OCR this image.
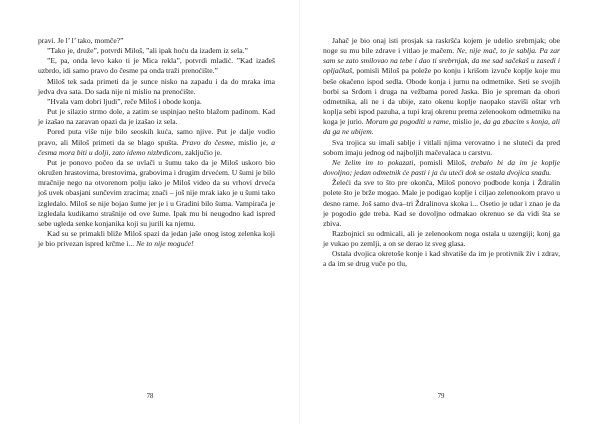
pravi. Je l’ l’ tako, momče?”

”Tako je, druže”, potvrdi Miloš, ”ali ipak hoću da izađem iz sela.”

”E, pa, onda levo kako ti je Mica rekla”, potvrdi mladić. ”Kad izađeš uzbrdo, idi samo pravo do česme pa onda traži prenoćište.”

Miloš tek sada primeti da je sunce nisko na zapadu i da do mraka ima jedva dva sata. Do sada nije ni mislio na prenoćište.

”Hvala vam dobri ljudi”, reče Miloš i obode konja.

Put je silazio strmo dole, a zatim se uspinjao nešto blažom padinom. Kad je izašao na zaravan opazi da je izašao iz sela.

Pored puta više nije bilo seoskih kuća, samo njive. Put je dalje vodio pravo, ali Miloš primeti da se blago spušta. Pravo do česme, mislio je, a česma mora biti u dolji, zato idemo nizbrdicom, zaključio je.

Put je ponovo počeo da se uvlači u šumu tako da je Miloš uskoro bio okružen hrastovima, brestovima, grabovima i drugim drvećem. U šumi je bilo mračnije nego na otvorenom polju iako je Miloš video da su vrhovi drveća još uvek obasjani sunčevim zracima; znači – još nije mrak iako je u šumi tako izgledalo. Miloš se nije bojao šume jer je i u Gradini bilo šuma. Vampirača je izgledala kudikamo strašnije od ove šume. Ipak mu bi neugodno kad ispred sebe ugleda senke konjanika koji su jurili ka njemu.

Kad su se primakli bliže Miloš spazi da jedan jaše onog istog zelenka koji je bio privezan ispred krčme i... Ne to nije moguće!

78

Jahač je bio onaj isti prosjak sa raskršća kojem je udelio srebrnjak; obe noge su mu bile zdrave i vitlao je mačem. Ne, nije mač, to je sablja. Pa zar sam se zato smilovao na tebe i dao ti srebrnjak, da me sad sačekaš u zasedi i opljačkaš, pomisli Miloš pa poleže po konju i krišom izvuče koplje koje mu beše okačeno ispod sedla. Obode konja i jurnu na odmetnike. Seti se svojih borbi sa Srđom i druga na vežbama pored Jaska. Bio je spreman da obori odmetnika, ali ne i da ubije, zato okenu koplje naopako staviši oštar vrh koplja sebi ispod pazuha, a tupi kraj okrenu prema zelenookom odmetniku na koga je jurio. Moram ga pogoditi u rame, mislio je, da ga zbacim s konja, ali da ga ne ubijem.

Sva trojica su imali sablje i vitlali njima verovatno i ne sluteći da pred sobom imaju jednog od najboljih mačevalaca u carstvu.

Ne želim im to pokazati, pomisli Miloš, trebalo bi da im je koplje dovoljno; jedan odmetnik će pasti i ja ću uteći dok se ostala dvojica snađu.

Želeći da sve to što pre okonča, Miloš ponovo podbode konja i Ždralin polete što je brže mogao. Male je podigao koplje i ciljao zelenookom pravo u desno rame. Još samo dva–tri Ždralinova skoka i... Osetio je udar i znao je da je pogodio gde treba. Kad se dovoljno odmakao okrenuo se da vidi šta se zbiva.

Razbojnici su odmicali, ali je zelenookom noga ostala u uzengiji; konj ga je vukao po zemlji, a on se derao iz sveg glasa.

Ostala dvojica okretoše konje i kad shvatiše da im je protivnik živ i zdrav, a da im se drug vuče po tlu,

79
